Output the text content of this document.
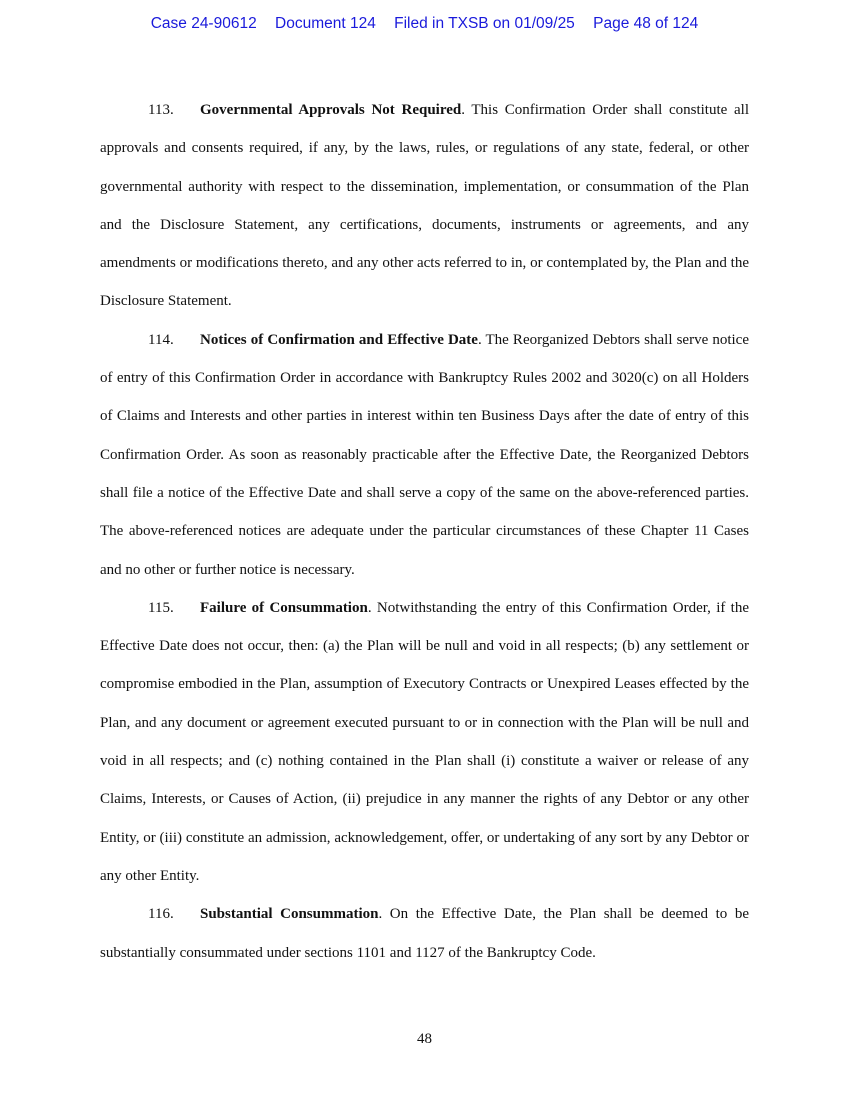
Case 24-90612 Document 124 Filed in TXSB on 01/09/25 Page 48 of 124

113. Governmental Approvals Not Required. This Confirmation Order shall constitute all approvals and consents required, if any, by the laws, rules, or regulations of any state, federal, or other governmental authority with respect to the dissemination, implementation, or consummation of the Plan and the Disclosure Statement, any certifications, documents, instruments or agreements, and any amendments or modifications thereto, and any other acts referred to in, or contemplated by, the Plan and the Disclosure Statement.

114. Notices of Confirmation and Effective Date. The Reorganized Debtors shall serve notice of entry of this Confirmation Order in accordance with Bankruptcy Rules 2002 and 3020(c) on all Holders of Claims and Interests and other parties in interest within ten Business Days after the date of entry of this Confirmation Order. As soon as reasonably practicable after the Effective Date, the Reorganized Debtors shall file a notice of the Effective Date and shall serve a copy of the same on the above-referenced parties. The above-referenced notices are adequate under the particular circumstances of these Chapter 11 Cases and no other or further notice is necessary.

115. Failure of Consummation. Notwithstanding the entry of this Confirmation Order, if the Effective Date does not occur, then: (a) the Plan will be null and void in all respects; (b) any settlement or compromise embodied in the Plan, assumption of Executory Contracts or Unexpired Leases effected by the Plan, and any document or agreement executed pursuant to or in connection with the Plan will be null and void in all respects; and (c) nothing contained in the Plan shall (i) constitute a waiver or release of any Claims, Interests, or Causes of Action, (ii) prejudice in any manner the rights of any Debtor or any other Entity, or (iii) constitute an admission, acknowledgement, offer, or undertaking of any sort by any Debtor or any other Entity.

116. Substantial Consummation. On the Effective Date, the Plan shall be deemed to be substantially consummated under sections 1101 and 1127 of the Bankruptcy Code.

48
